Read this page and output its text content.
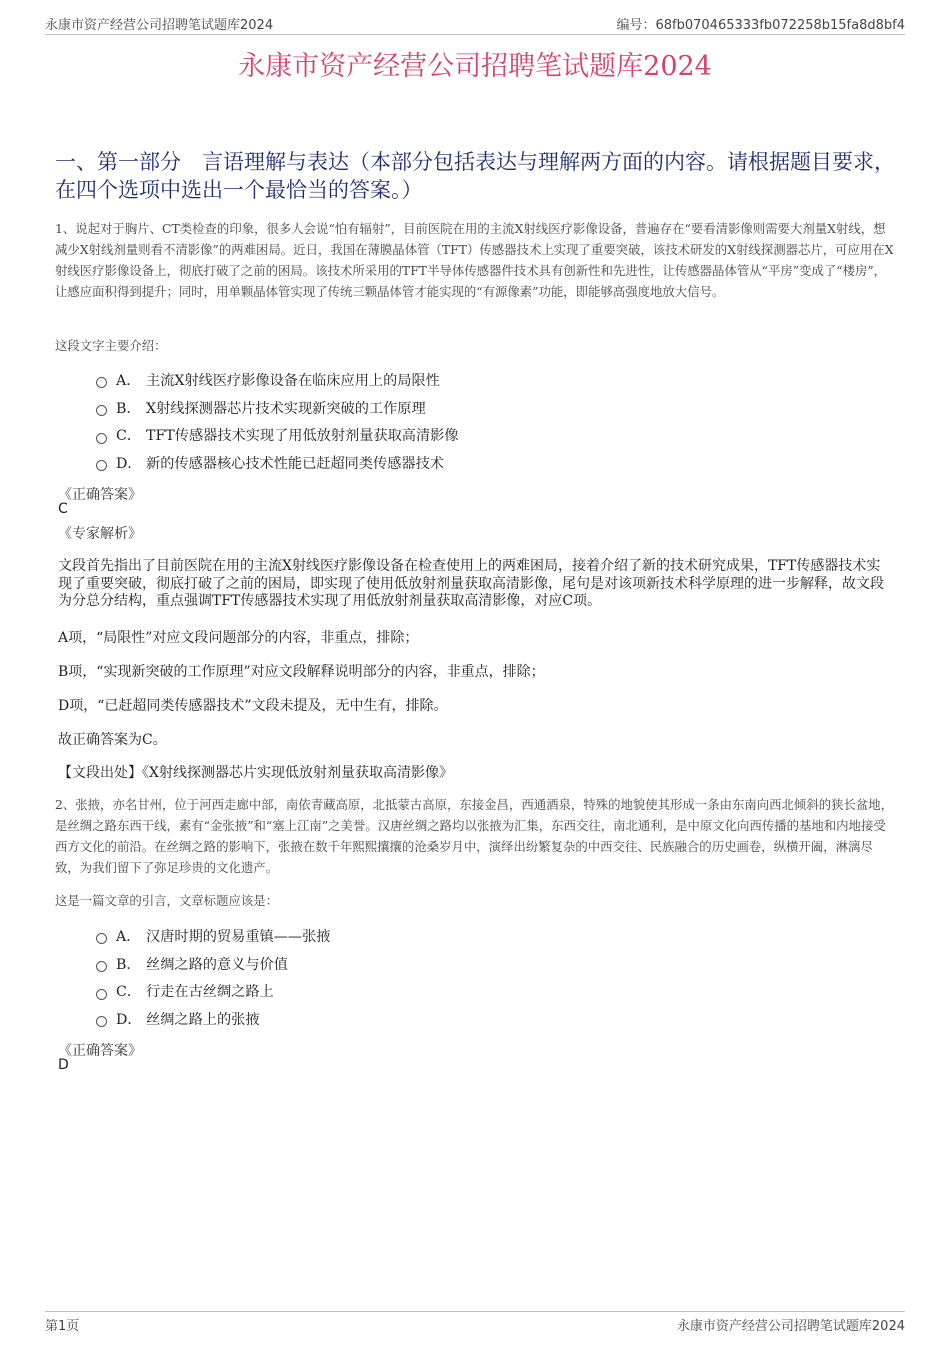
永康市资产经营公司招聘笔试题库2024	编号：68fb070465333fb072258b15fa8d8bf4
永康市资产经营公司招聘笔试题库2024
一、第一部分　言语理解与表达（本部分包括表达与理解两方面的内容。请根据题目要求，在四个选项中选出一个最恰当的答案。）
1、说起对于胸片、CT类检查的印象，很多人会说“怕有辐射”，目前医院在用的主流X射线医疗影像设备，普遍存在“要看清影像则需要大剂量X射线，想减少X射线剂量则看不清影像”的两难困局。近日，我国在薄膜晶体管（TFT）传感器技术上实现了重要突破，该技术研发的X射线探测器芯片，可应用在X射线医疗影像设备上，彻底打破了之前的困局。该技术所采用的TFT半导体传感器件技术具有创新性和先进性，让传感器晶体管从“平房”变成了“楼房”，让感应面积得到提升；同时，用单颗晶体管实现了传统三颗晶体管才能实现的“有源像素”功能，即能够高强度地放大信号。
这段文字主要介绍：
A． 主流X射线医疗影像设备在临床应用上的局限性
B． X射线探测器芯片技术实现新突破的工作原理
C． TFT传感器技术实现了用低放射剂量获取高清影像
D． 新的传感器核心技术性能已赶超同类传感器技术
《正确答案》
C
《专家解析》
文段首先指出了目前医院在用的主流X射线医疗影像设备在检查使用上的两难困局，接着介绍了新的技术研究成果，TFT传感器技术实现了重要突破，彻底打破了之前的困局，即实现了使用低放射剂量获取高清影像，尾句是对该项新技术科学原理的进一步解释，故文段为分总分结构，重点强调TFT传感器技术实现了用低放射剂量获取高清影像，对应C项。
A项，“局限性”对应文段问题部分的内容，非重点，排除；
B项，“实现新突破的工作原理”对应文段解释说明部分的内容，非重点，排除；
D项，“已赶超同类传感器技术”文段未提及，无中生有，排除。
故正确答案为C。
【文段出处】《X射线探测器芯片实现低放射剂量获取高清影像》
2、张掖，亦名甘州，位于河西走廊中部，南依青藏高原，北抵蒙古高原，东接金昌，西通酒泉，特殊的地貌使其形成一条由东南向西北倾斜的狭长盆地，是丝绸之路东西干线，素有“金张掖”和“塞上江南”之美誉。汉唐丝绸之路均以张掖为汇集，东西交往，南北通利，是中原文化向西传播的基地和内地接受西方文化的前沿。在丝绸之路的影响下，张掖在数千年熙熙攘攘的沧桑岁月中，演绎出纷繁复杂的中西交往、民族融合的历史画卷，纵横开阖，淋漓尽致，为我们留下了弥足珍贵的文化遗产。
这是一篇文章的引言，文章标题应该是：
A． 汉唐时期的贸易重镇——张掖
B． 丝绸之路的意义与价值
C． 行走在古丝绸之路上
D． 丝绸之路上的张掖
《正确答案》
D
第1页	永康市资产经营公司招聘笔试题库2024
